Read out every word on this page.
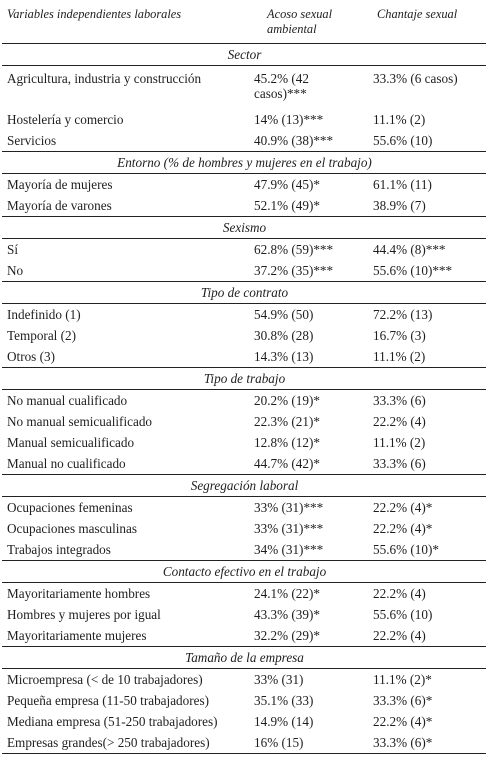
Variables independientes laborales	Acoso sexual ambiental	Chantaje sexual
Sector		
Agricultura, industria y construcción	45.2% (42 casos)***	33.3% (6 casos)
Hostelería y comercio	14% (13)***	11.1% (2)
Servicios	40.9% (38)***	55.6% (10)
Entorno (% de hombres y mujeres en el trabajo)		
Mayoría de mujeres	47.9% (45)*	61.1% (11)
Mayoría de varones	52.1% (49)*	38.9% (7)
Sexismo		
Sí	62.8% (59)***	44.4% (8)***
No	37.2% (35)***	55.6% (10)***
Tipo de contrato		
Indefinido (1)	54.9% (50)	72.2% (13)
Temporal (2)	30.8% (28)	16.7% (3)
Otros (3)	14.3% (13)	11.1% (2)
Tipo de trabajo		
No manual cualificado	20.2% (19)*	33.3% (6)
No manual semicualificado	22.3% (21)*	22.2% (4)
Manual semicualificado	12.8% (12)*	11.1% (2)
Manual no cualificado	44.7% (42)*	33.3% (6)
Segregación laboral		
Ocupaciones femeninas	33% (31)***	22.2% (4)*
Ocupaciones masculinas	33% (31)***	22.2% (4)*
Trabajos integrados	34% (31)***	55.6% (10)*
Contacto efectivo en el trabajo		
Mayoritariamente hombres	24.1% (22)*	22.2% (4)
Hombres y mujeres por igual	43.3% (39)*	55.6% (10)
Mayoritariamente mujeres	32.2% (29)*	22.2% (4)
Tamaño de la empresa		
Microempresa (< de 10 trabajadores)	33% (31)	11.1% (2)*
Pequeña empresa (11-50 trabajadores)	35.1% (33)	33.3% (6)*
Mediana empresa (51-250 trabajadores)	14.9% (14)	22.2% (4)*
Empresas grandes(> 250 trabajadores)	16% (15)	33.3% (6)*
